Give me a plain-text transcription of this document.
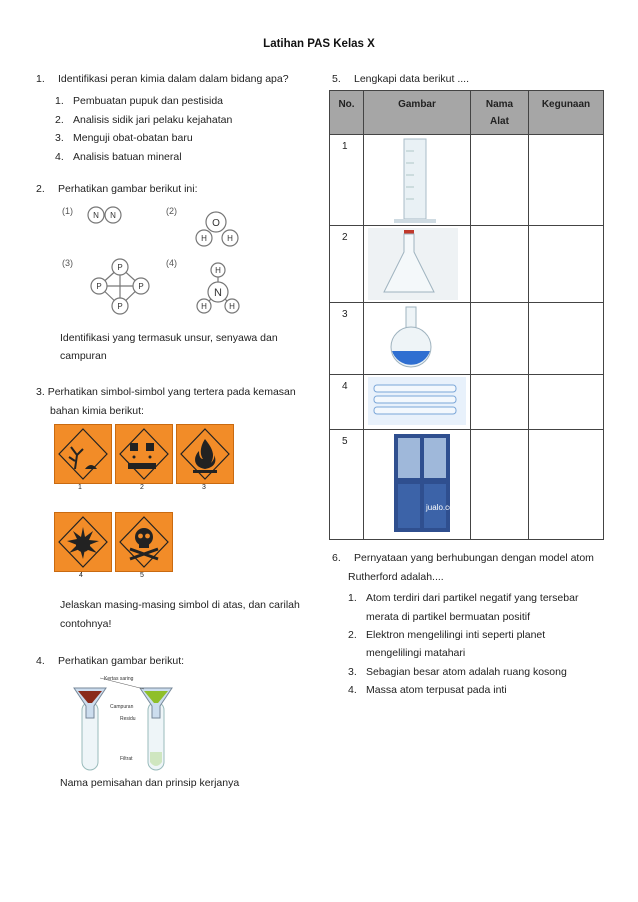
Latihan PAS Kelas X
1. Identifikasi peran kimia dalam dalam bidang apa?
1. Pembuatan pupuk dan pestisida
2. Analisis sidik jari pelaku kejahatan
3. Menguji obat-obatan baru
4. Analisis batuan mineral
2. Perhatikan gambar berikut ini:
(1)	(2)
(3)	(4)
N N
O
H	H
P
P	P
P
H
N
H	H
Identifikasi yang termasuk unsur, senyawa dan
campuran
3. Perhatikan simbol-simbol yang tertera pada kemasan
bahan kimia berikut:
1	2	3
4	5
Jelaskan masing-masing simbol di atas, dan carilah
contohnya!
4. Perhatikan gambar berikut:
Kertas saring
Campuran
Residu
Filtrat
Nama pemisahan dan prinsip kerjanya
5. Lengkapi data berikut ....
No.	Gambar	Nama
Alat	Kegunaan
1	

2	

3	

4	

5	jualo.com		

6. Pernyataan yang berhubungan dengan model atom
Rutherford adalah....
1. Atom terdiri dari partikel negatif yang tersebar
merata di partikel bermuatan positif
2. Elektron mengelilingi inti seperti planet
mengelilingi matahari
3. Sebagian besar atom adalah ruang kosong
4. Massa atom terpusat pada inti
